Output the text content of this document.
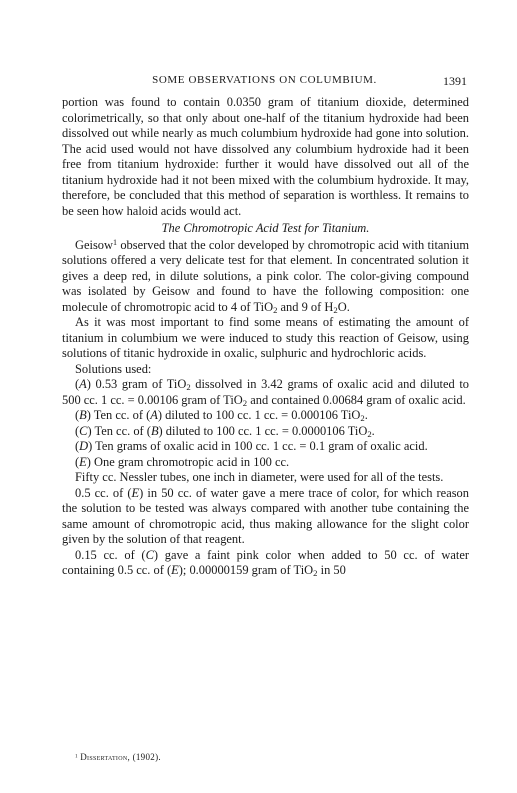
SOME OBSERVATIONS ON COLUMBIUM.	1391

portion was found to contain 0.0350 gram of titanium dioxide, determined colorimetrically, so that only about one-half of the titanium hydroxide had been dissolved out while nearly as much columbium hydroxide had gone into solution. The acid used would not have dissolved any columbium hydroxide had it been free from titanium hydroxide: further it would have dissolved out all of the titanium hydroxide had it not been mixed with the columbium hydroxide. It may, therefore, be concluded that this method of separation is worthless. It remains to be seen how haloid acids would act.

The Chromotropic Acid Test for Titanium.

Geisow$^1$ observed that the color developed by chromotropic acid with titanium solutions offered a very delicate test for that element. In concentrated solution it gives a deep red, in dilute solutions, a pink color. The color-giving compound was isolated by Geisow and found to have the following composition: one molecule of chromotropic acid to 4 of TiO$_2$ and 9 of $H_2O$.

As it was most important to find some means of estimating the amount of titanium in columbium we were induced to study this reaction of Geisow, using solutions of titanic hydroxide in oxalic, sulphuric and hydrochloric acids.

Solutions used:

(A) 0.53 gram of TiO$_2$ dissolved in 3.42 grams of oxalic acid and diluted to 500 cc. 1 cc. = 0.00106 gram of TiO$_2$ and contained 0.00684 gram of oxalic acid.

(B) Ten cc. of (A) diluted to 100 cc. 1 cc. = 0.000106 TiO$_2$.

(C) Ten cc. of (B) diluted to 100 cc. 1 cc. = 0.0000106 TiO$_2$.

(D) Ten grams of oxalic acid in 100 cc. 1 cc. = 0.1 gram of oxalic acid.

(E) One gram chromotropic acid in 100 cc.

Fifty cc. Nessler tubes, one inch in diameter, were used for all of the tests.

0.5 cc. of (E) in 50 cc. of water gave a mere trace of color, for which reason the solution to be tested was always compared with another tube containing the same amount of chromotropic acid, thus making allowance for the slight color given by the solution of that reagent.

0.15 cc. of (C) gave a faint pink color when added to 50 cc. of water containing 0.5 cc. of (E); 0.00000159 gram of TiO$_2$ in 50

$^1$ Dissertation, (1902).
